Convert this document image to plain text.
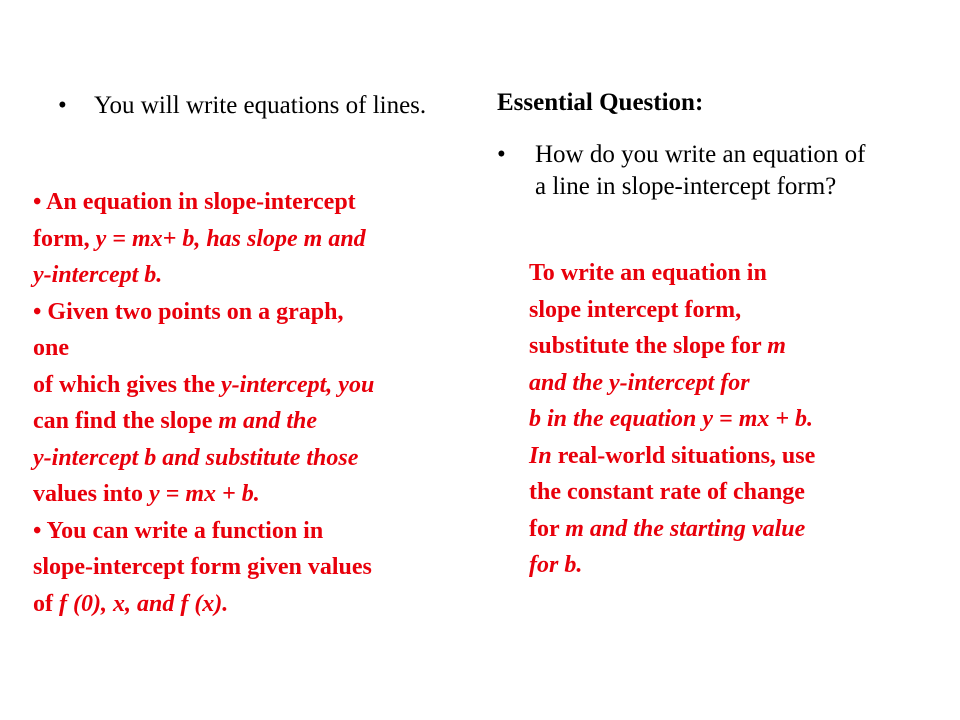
•	You will write equations of lines.	Essential Question:
•	How do you write an equation of a line in slope-intercept form?
• An equation in slope-intercept
form, y = mx+ b, has slope m and
y-intercept b.
• Given two points on a graph,
one
of which gives the y-intercept, you
can find the slope m and the
y-intercept b and substitute those
values into y = mx + b.
• You can write a function in
slope-intercept form given values
of f (0), x, and f (x).
To write an equation in
slope intercept form,
substitute the slope for m
and the y-intercept for
b in the equation y = mx + b.
In real-world situations, use
the constant rate of change
for m and the starting value
for b.
